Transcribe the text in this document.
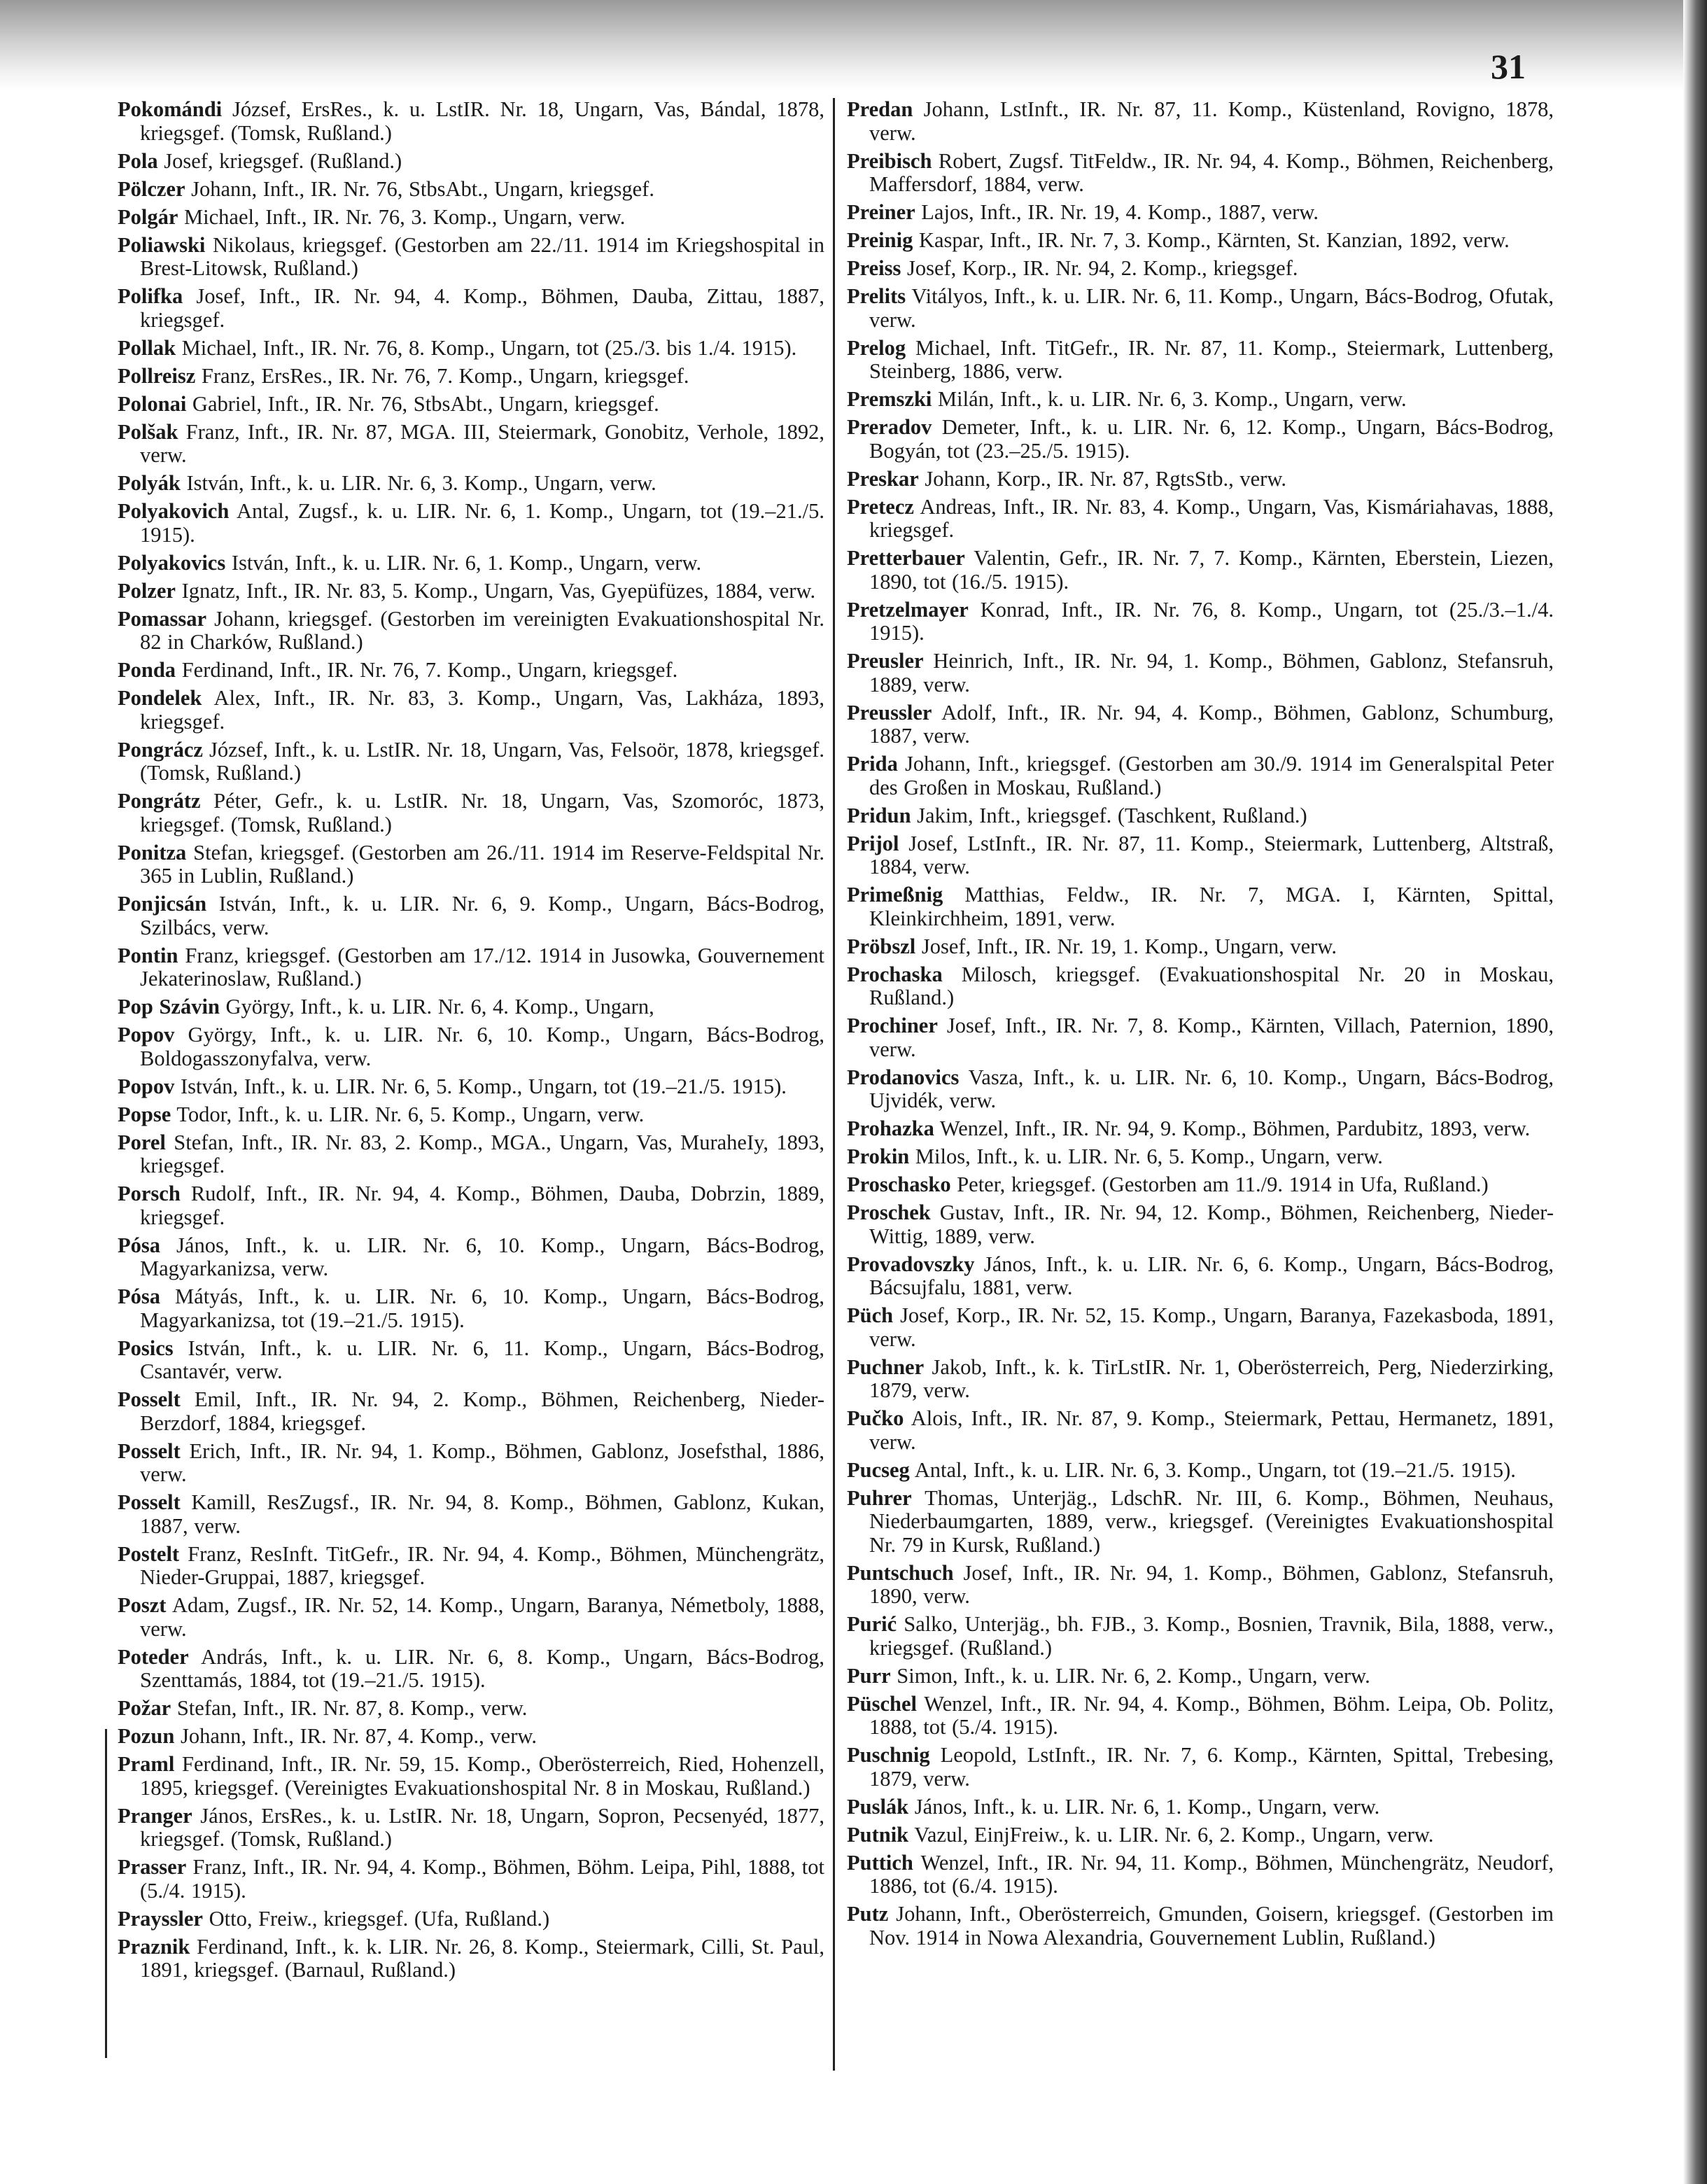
31
Pokomándi József, ErsRes., k. u. LstIR. Nr. 18, Ungarn, Vas, Bándal, 1878, kriegsgef. (Tomsk, Rußland.)
Pola Josef, kriegsgef. (Rußland.)
Pölczer Johann, Inft., IR. Nr. 76, StbsAbt., Ungarn, kriegsgef.
Polgár Michael, Inft., IR. Nr. 76, 3. Komp., Ungarn, verw.
Poliawski Nikolaus, kriegsgef. (Gestorben am 22./11. 1914 im Kriegshospital in Brest-Litowsk, Rußland.)
Polifka Josef, Inft., IR. Nr. 94, 4. Komp., Böhmen, Dauba, Zittau, 1887, kriegsgef.
Pollak Michael, Inft., IR. Nr. 76, 8. Komp., Ungarn, tot (25./3. bis 1./4. 1915).
Pollreisz Franz, ErsRes., IR. Nr. 76, 7. Komp., Ungarn, kriegsgef.
Polonai Gabriel, Inft., IR. Nr. 76, StbsAbt., Ungarn, kriegsgef.
Polšak Franz, Inft., IR. Nr. 87, MGA. III, Steiermark, Gonobitz, Verhole, 1892, verw.
Polyák István, Inft., k. u. LIR. Nr. 6, 3. Komp., Ungarn, verw.
Polyakovich Antal, Zugsf., k. u. LIR. Nr. 6, 1. Komp., Ungarn, tot (19.–21./5. 1915).
Polyakovics István, Inft., k. u. LIR. Nr. 6, 1. Komp., Ungarn, verw.
Polzer Ignatz, Inft., IR. Nr. 83, 5. Komp., Ungarn, Vas, Gyepüfüzes, 1884, verw.
Pomassar Johann, kriegsgef. (Gestorben im vereinigten Evakuationshospital Nr. 82 in Charków, Rußland.)
Ponda Ferdinand, Inft., IR. Nr. 76, 7. Komp., Ungarn, kriegsgef.
Pondelek Alex, Inft., IR. Nr. 83, 3. Komp., Ungarn, Vas, Lakháza, 1893, kriegsgef.
Pongrácz József, Inft., k. u. LstIR. Nr. 18, Ungarn, Vas, Felsoör, 1878, kriegsgef. (Tomsk, Rußland.)
Pongrátz Péter, Gefr., k. u. LstIR. Nr. 18, Ungarn, Vas, Szomoróc, 1873, kriegsgef. (Tomsk, Rußland.)
Ponitza Stefan, kriegsgef. (Gestorben am 26./11. 1914 im Reserve-Feldspital Nr. 365 in Lublin, Rußland.)
Ponjicsán István, Inft., k. u. LIR. Nr. 6, 9. Komp., Ungarn, Bács-Bodrog, Szilbács, verw.
Pontin Franz, kriegsgef. (Gestorben am 17./12. 1914 in Jusowka, Gouvernement Jekaterinoslaw, Rußland.)
Pop Szávin György, Inft., k. u. LIR. Nr. 6, 4. Komp., Ungarn,
Popov György, Inft., k. u. LIR. Nr. 6, 10. Komp., Ungarn, Bács-Bodrog, Boldogasszonyfalva, verw.
Popov István, Inft., k. u. LIR. Nr. 6, 5. Komp., Ungarn, tot (19.–21./5. 1915).
Popse Todor, Inft., k. u. LIR. Nr. 6, 5. Komp., Ungarn, verw.
Porel Stefan, Inft., IR. Nr. 83, 2. Komp., MGA., Ungarn, Vas, MuraheIy, 1893, kriegsgef.
Porsch Rudolf, Inft., IR. Nr. 94, 4. Komp., Böhmen, Dauba, Dobrzin, 1889, kriegsgef.
Pósa János, Inft., k. u. LIR. Nr. 6, 10. Komp., Ungarn, Bács-Bodrog, Magyarkanizsa, verw.
Pósa Mátyás, Inft., k. u. LIR. Nr. 6, 10. Komp., Ungarn, Bács-Bodrog, Magyarkanizsa, tot (19.–21./5. 1915).
Posics István, Inft., k. u. LIR. Nr. 6, 11. Komp., Ungarn, Bács-Bodrog, Csantavér, verw.
Posselt Emil, Inft., IR. Nr. 94, 2. Komp., Böhmen, Reichenberg, Nieder-Berzdorf, 1884, kriegsgef.
Posselt Erich, Inft., IR. Nr. 94, 1. Komp., Böhmen, Gablonz, Josefsthal, 1886, verw.
Posselt Kamill, ResZugsf., IR. Nr. 94, 8. Komp., Böhmen, Gablonz, Kukan, 1887, verw.
Postelt Franz, ResInft. TitGefr., IR. Nr. 94, 4. Komp., Böhmen, Münchengrätz, Nieder-Gruppai, 1887, kriegsgef.
Poszt Adam, Zugsf., IR. Nr. 52, 14. Komp., Ungarn, Baranya, Németboly, 1888, verw.
Poteder András, Inft., k. u. LIR. Nr. 6, 8. Komp., Ungarn, Bács-Bodrog, Szenttamás, 1884, tot (19.–21./5. 1915).
Požar Stefan, Inft., IR. Nr. 87, 8. Komp., verw.
Pozun Johann, Inft., IR. Nr. 87, 4. Komp., verw.
Praml Ferdinand, Inft., IR. Nr. 59, 15. Komp., Oberösterreich, Ried, Hohenzell, 1895, kriegsgef. (Vereinigtes Evakuationshospital Nr. 8 in Moskau, Rußland.)
Pranger János, ErsRes., k. u. LstIR. Nr. 18, Ungarn, Sopron, Pecsenyéd, 1877, kriegsgef. (Tomsk, Rußland.)
Prasser Franz, Inft., IR. Nr. 94, 4. Komp., Böhmen, Böhm. Leipa, Pihl, 1888, tot (5./4. 1915).
Prayssler Otto, Freiw., kriegsgef. (Ufa, Rußland.)
Praznik Ferdinand, Inft., k. k. LIR. Nr. 26, 8. Komp., Steiermark, Cilli, St. Paul, 1891, kriegsgef. (Barnaul, Rußland.)
Predan Johann, LstInft., IR. Nr. 87, 11. Komp., Küstenland, Rovigno, 1878, verw.
Preibisch Robert, Zugsf. TitFeldw., IR. Nr. 94, 4. Komp., Böhmen, Reichenberg, Maffersdorf, 1884, verw.
Preiner Lajos, Inft., IR. Nr. 19, 4. Komp., 1887, verw.
Preinig Kaspar, Inft., IR. Nr. 7, 3. Komp., Kärnten, St. Kanzian, 1892, verw.
Preiss Josef, Korp., IR. Nr. 94, 2. Komp., kriegsgef.
Prelits Vitályos, Inft., k. u. LIR. Nr. 6, 11. Komp., Ungarn, Bács-Bodrog, Ofutak, verw.
Prelog Michael, Inft. TitGefr., IR. Nr. 87, 11. Komp., Steiermark, Luttenberg, Steinberg, 1886, verw.
Premszki Milán, Inft., k. u. LIR. Nr. 6, 3. Komp., Ungarn, verw.
Preradov Demeter, Inft., k. u. LIR. Nr. 6, 12. Komp., Ungarn, Bács-Bodrog, Bogyán, tot (23.–25./5. 1915).
Preskar Johann, Korp., IR. Nr. 87, RgtsStb., verw.
Pretecz Andreas, Inft., IR. Nr. 83, 4. Komp., Ungarn, Vas, Kismáriahavas, 1888, kriegsgef.
Pretterbauer Valentin, Gefr., IR. Nr. 7, 7. Komp., Kärnten, Eberstein, Liezen, 1890, tot (16./5. 1915).
Pretzelmayer Konrad, Inft., IR. Nr. 76, 8. Komp., Ungarn, tot (25./3.–1./4. 1915).
Preusler Heinrich, Inft., IR. Nr. 94, 1. Komp., Böhmen, Gablonz, Stefansruh, 1889, verw.
Preussler Adolf, Inft., IR. Nr. 94, 4. Komp., Böhmen, Gablonz, Schumburg, 1887, verw.
Prida Johann, Inft., kriegsgef. (Gestorben am 30./9. 1914 im Generalspital Peter des Großen in Moskau, Rußland.)
Pridun Jakim, Inft., kriegsgef. (Taschkent, Rußland.)
Prijol Josef, LstInft., IR. Nr. 87, 11. Komp., Steiermark, Luttenberg, Altstraß, 1884, verw.
Primeßnig Matthias, Feldw., IR. Nr. 7, MGA. I, Kärnten, Spittal, Kleinkirchheim, 1891, verw.
Pröbszl Josef, Inft., IR. Nr. 19, 1. Komp., Ungarn, verw.
Prochaska Milosch, kriegsgef. (Evakuationshospital Nr. 20 in Moskau, Rußland.)
Prochiner Josef, Inft., IR. Nr. 7, 8. Komp., Kärnten, Villach, Paternion, 1890, verw.
Prodanovics Vasza, Inft., k. u. LIR. Nr. 6, 10. Komp., Ungarn, Bács-Bodrog, Ujvidék, verw.
Prohazka Wenzel, Inft., IR. Nr. 94, 9. Komp., Böhmen, Pardubitz, 1893, verw.
Prokin Milos, Inft., k. u. LIR. Nr. 6, 5. Komp., Ungarn, verw.
Proschasko Peter, kriegsgef. (Gestorben am 11./9. 1914 in Ufa, Rußland.)
Proschek Gustav, Inft., IR. Nr. 94, 12. Komp., Böhmen, Reichenberg, Nieder-Wittig, 1889, verw.
Provadovszky János, Inft., k. u. LIR. Nr. 6, 6. Komp., Ungarn, Bács-Bodrog, Bácsujfalu, 1881, verw.
Püch Josef, Korp., IR. Nr. 52, 15. Komp., Ungarn, Baranya, Fazekasboda, 1891, verw.
Puchner Jakob, Inft., k. k. TirLstIR. Nr. 1, Oberösterreich, Perg, Niederzirking, 1879, verw.
Pučko Alois, Inft., IR. Nr. 87, 9. Komp., Steiermark, Pettau, Hermanetz, 1891, verw.
Pucseg Antal, Inft., k. u. LIR. Nr. 6, 3. Komp., Ungarn, tot (19.–21./5. 1915).
Puhrer Thomas, Unterjäg., LdschR. Nr. III, 6. Komp., Böhmen, Neuhaus, Niederbaumgarten, 1889, verw., kriegsgef. (Vereinigtes Evakuationshospital Nr. 79 in Kursk, Rußland.)
Puntschuch Josef, Inft., IR. Nr. 94, 1. Komp., Böhmen, Gablonz, Stefansruh, 1890, verw.
Purić Salko, Unterjäg., bh. FJB., 3. Komp., Bosnien, Travnik, Bila, 1888, verw., kriegsgef. (Rußland.)
Purr Simon, Inft., k. u. LIR. Nr. 6, 2. Komp., Ungarn, verw.
Püschel Wenzel, Inft., IR. Nr. 94, 4. Komp., Böhmen, Böhm. Leipa, Ob. Politz, 1888, tot (5./4. 1915).
Puschnig Leopold, LstInft., IR. Nr. 7, 6. Komp., Kärnten, Spittal, Trebesing, 1879, verw.
Puslák János, Inft., k. u. LIR. Nr. 6, 1. Komp., Ungarn, verw.
Putnik Vazul, EinjFreiw., k. u. LIR. Nr. 6, 2. Komp., Ungarn, verw.
Puttich Wenzel, Inft., IR. Nr. 94, 11. Komp., Böhmen, Münchengrätz, Neudorf, 1886, tot (6./4. 1915).
Putz Johann, Inft., Oberösterreich, Gmunden, Goisern, kriegsgef. (Gestorben im Nov. 1914 in Nowa Alexandria, Gouvernement Lublin, Rußland.)
